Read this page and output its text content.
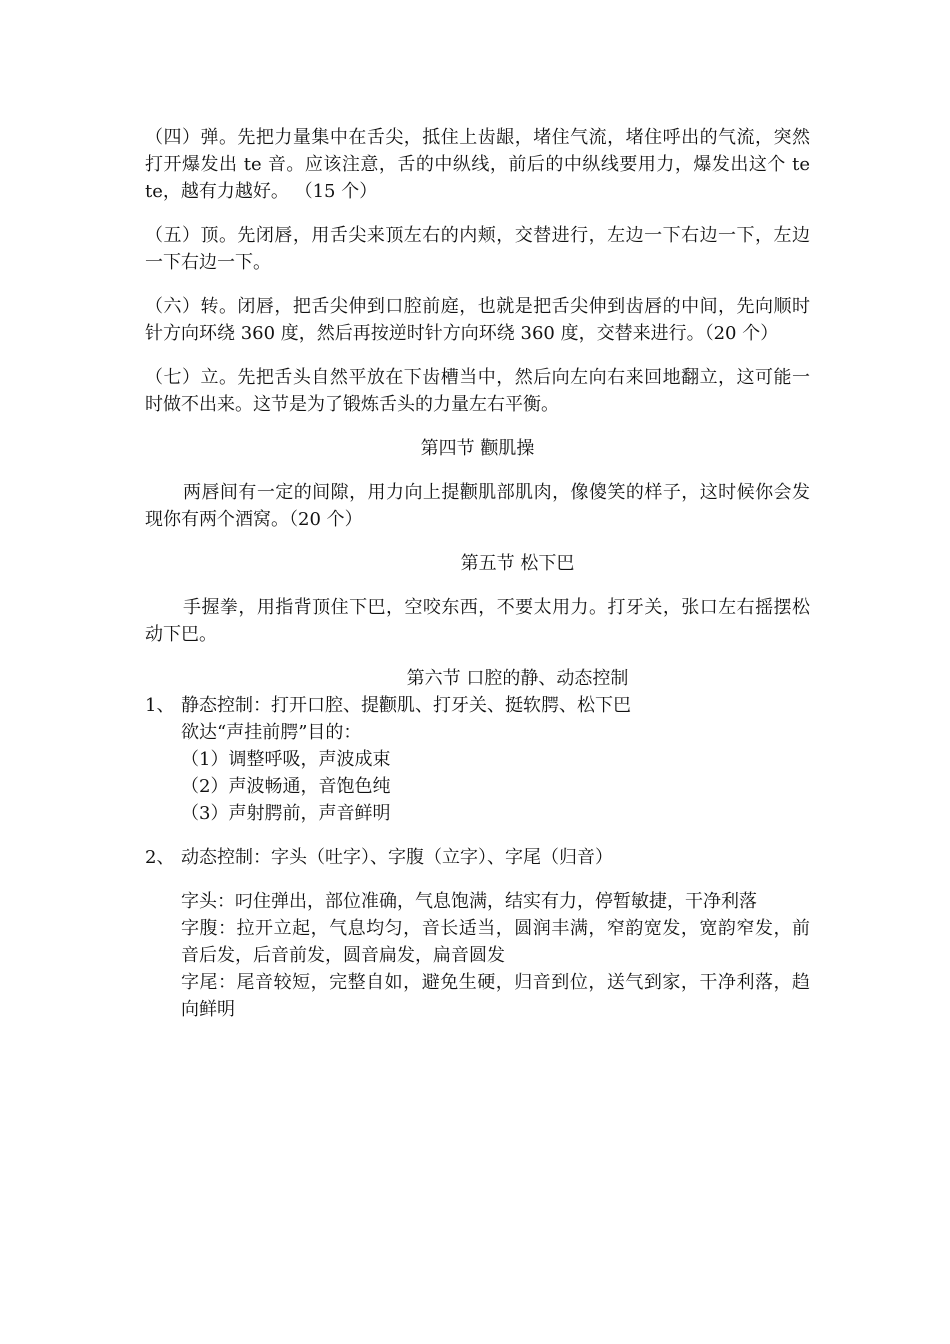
（四）弹。先把力量集中在舌尖，抵住上齿龈，堵住气流，堵住呼出的气流，突然打开爆发出 te 音。应该注意，舌的中纵线，前后的中纵线要用力，爆发出这个 te te，越有力越好。 （15 个）

（五）顶。先闭唇，用舌尖来顶左右的内颊，交替进行，左边一下右边一下，左边一下右边一下。

（六）转。闭唇，把舌尖伸到口腔前庭，也就是把舌尖伸到齿唇的中间，先向顺时针方向环绕 360 度，然后再按逆时针方向环绕 360 度，交替来进行。（20 个）

（七）立。先把舌头自然平放在下齿槽当中，然后向左向右来回地翻立，这可能一时做不出来。这节是为了锻炼舌头的力量左右平衡。

第四节 颧肌操

两唇间有一定的间隙，用力向上提颧肌部肌肉，像傻笑的样子，这时候你会发现你有两个酒窝。（20 个）

第五节 松下巴

手握拳，用指背顶住下巴，空咬东西，不要太用力。打牙关，张口左右摇摆松动下巴。

第六节 口腔的静、动态控制

1、 静态控制：打开口腔、提颧肌、打牙关、挺软腭、松下巴

欲达“声挂前腭”目的：

（1）调整呼吸，声波成束

（2）声波畅通，音饱色纯

（3）声射腭前，声音鲜明

2、 动态控制：字头（吐字）、字腹（立字）、字尾（归音）

字头：叼住弹出，部位准确，气息饱满，结实有力，停暂敏捷，干净利落

字腹：拉开立起，气息均匀，音长适当，圆润丰满，窄韵宽发，宽韵窄发，前音后发，后音前发，圆音扁发，扁音圆发

字尾：尾音较短，完整自如，避免生硬，归音到位，送气到家，干净利落，趋向鲜明
